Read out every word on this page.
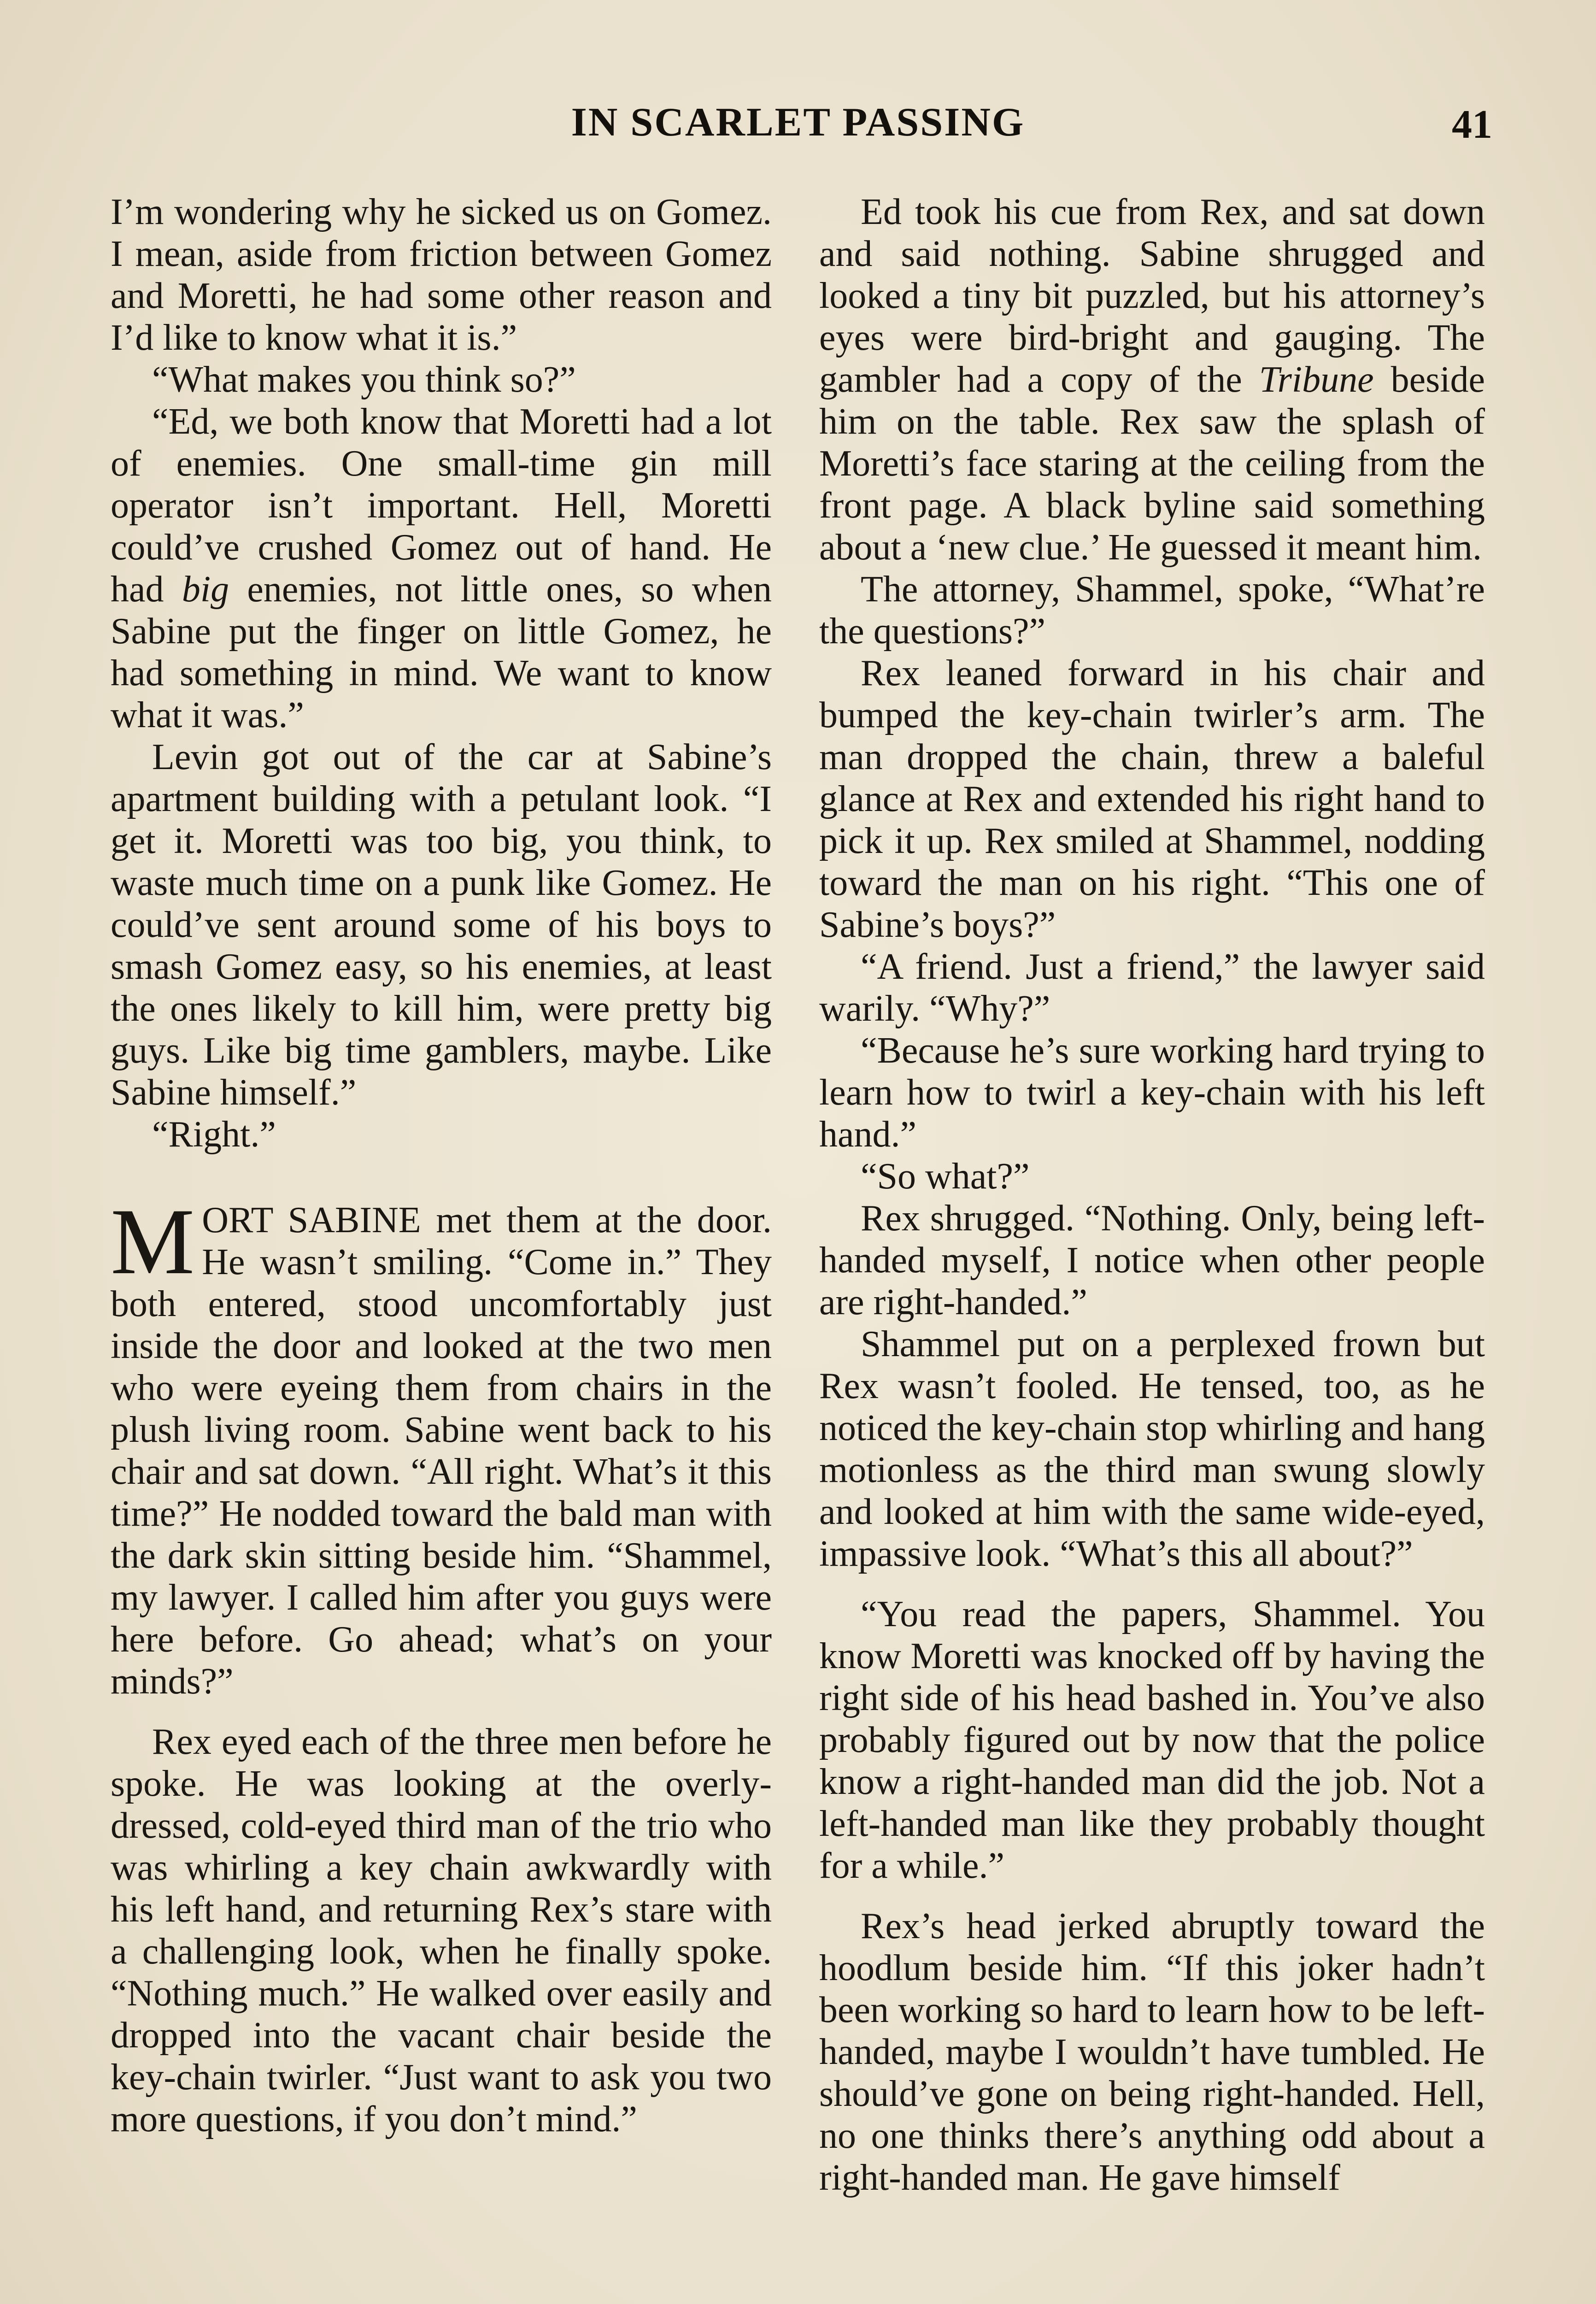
IN SCARLET PASSING	41

I’m wondering why he sicked us on Gomez. I mean, aside from friction between Gomez and Moretti, he had some other reason and I’d like to know what it is.”

“What makes you think so?”

“Ed, we both know that Moretti had a lot of enemies. One small-time gin mill operator isn’t important. Hell, Moretti could’ve crushed Gomez out of hand. He had big enemies, not little ones, so when Sabine put the finger on little Gomez, he had something in mind. We want to know what it was.”

Levin got out of the car at Sabine’s apartment building with a petulant look. “I get it. Moretti was too big, you think, to waste much time on a punk like Gomez. He could’ve sent around some of his boys to smash Gomez easy, so his enemies, at least the ones likely to kill him, were pretty big guys. Like big time gamblers, maybe. Like Sabine himself.”

“Right.”

MORT SABINE met them at the door. He wasn’t smiling. “Come in.” They both entered, stood uncomfortably just inside the door and looked at the two men who were eyeing them from chairs in the plush living room. Sabine went back to his chair and sat down. “All right. What’s it this time?” He nodded toward the bald man with the dark skin sitting beside him. “Shammel, my lawyer. I called him after you guys were here before. Go ahead; what’s on your minds?”

Rex eyed each of the three men before he spoke. He was looking at the overly-dressed, cold-eyed third man of the trio who was whirling a key chain awkwardly with his left hand, and returning Rex’s stare with a challenging look, when he finally spoke. “Nothing much.” He walked over easily and dropped into the vacant chair beside the key-chain twirler. “Just want to ask you two more questions, if you don’t mind.”

Ed took his cue from Rex, and sat down and said nothing. Sabine shrugged and looked a tiny bit puzzled, but his attorney’s eyes were bird-bright and gauging. The gambler had a copy of the Tribune beside him on the table. Rex saw the splash of Moretti’s face staring at the ceiling from the front page. A black byline said something about a ‘new clue.’ He guessed it meant him.

The attorney, Shammel, spoke, “What’re the questions?”

Rex leaned forward in his chair and bumped the key-chain twirler’s arm. The man dropped the chain, threw a baleful glance at Rex and extended his right hand to pick it up. Rex smiled at Shammel, nodding toward the man on his right. “This one of Sabine’s boys?”

“A friend. Just a friend,” the lawyer said warily. “Why?”

“Because he’s sure working hard trying to learn how to twirl a key-chain with his left hand.”

“So what?”

Rex shrugged. “Nothing. Only, being left-handed myself, I notice when other people are right-handed.”

Shammel put on a perplexed frown but Rex wasn’t fooled. He tensed, too, as he noticed the key-chain stop whirling and hang motionless as the third man swung slowly and looked at him with the same wide-eyed, impassive look. “What’s this all about?”

“You read the papers, Shammel. You know Moretti was knocked off by having the right side of his head bashed in. You’ve also probably figured out by now that the police know a right-handed man did the job. Not a left-handed man like they probably thought for a while.”

Rex’s head jerked abruptly toward the hoodlum beside him. “If this joker hadn’t been working so hard to learn how to be left-handed, maybe I wouldn’t have tumbled. He should’ve gone on being right-handed. Hell, no one thinks there’s anything odd about a right-handed man. He gave himself
